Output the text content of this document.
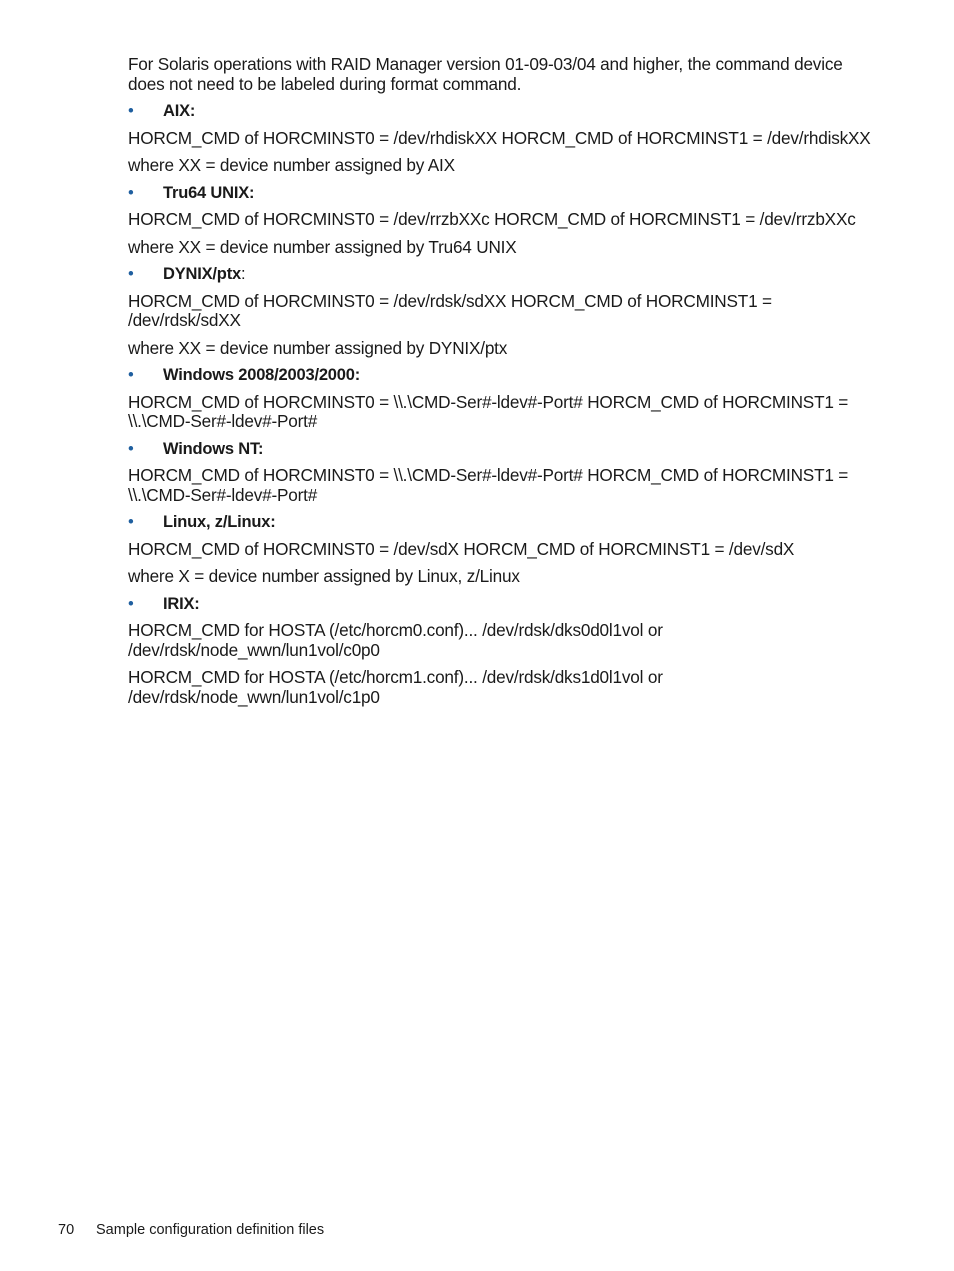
For Solaris operations with RAID Manager version 01-09-03/04 and higher, the command device does not need to be labeled during format command.

• AIX:

HORCM_CMD of HORCMINST0 = /dev/rhdiskXX HORCM_CMD of HORCMINST1 = /dev/rhdiskXX

where XX = device number assigned by AIX

• Tru64 UNIX:

HORCM_CMD of HORCMINST0 = /dev/rrzbXXc HORCM_CMD of HORCMINST1 = /dev/rrzbXXc

where XX = device number assigned by Tru64 UNIX

• DYNIX/ptx:

HORCM_CMD of HORCMINST0 = /dev/rdsk/sdXX HORCM_CMD of HORCMINST1 = /dev/rdsk/sdXX

where XX = device number assigned by DYNIX/ptx

• Windows 2008/2003/2000:

HORCM_CMD of HORCMINST0 = \\.\CMD-Ser#-ldev#-Port# HORCM_CMD of HORCMINST1 = \\.\CMD-Ser#-ldev#-Port#

• Windows NT:

HORCM_CMD of HORCMINST0 = \\.\CMD-Ser#-ldev#-Port# HORCM_CMD of HORCMINST1 = \\.\CMD-Ser#-ldev#-Port#

• Linux, z/Linux:

HORCM_CMD of HORCMINST0 = /dev/sdX HORCM_CMD of HORCMINST1 = /dev/sdX

where X = device number assigned by Linux, z/Linux

• IRIX:

HORCM_CMD for HOSTA (/etc/horcm0.conf)... /dev/rdsk/dks0d0l1vol or /dev/rdsk/node_wwn/lun1vol/c0p0

HORCM_CMD for HOSTA (/etc/horcm1.conf)... /dev/rdsk/dks1d0l1vol or /dev/rdsk/node_wwn/lun1vol/c1p0

70 Sample configuration definition files
